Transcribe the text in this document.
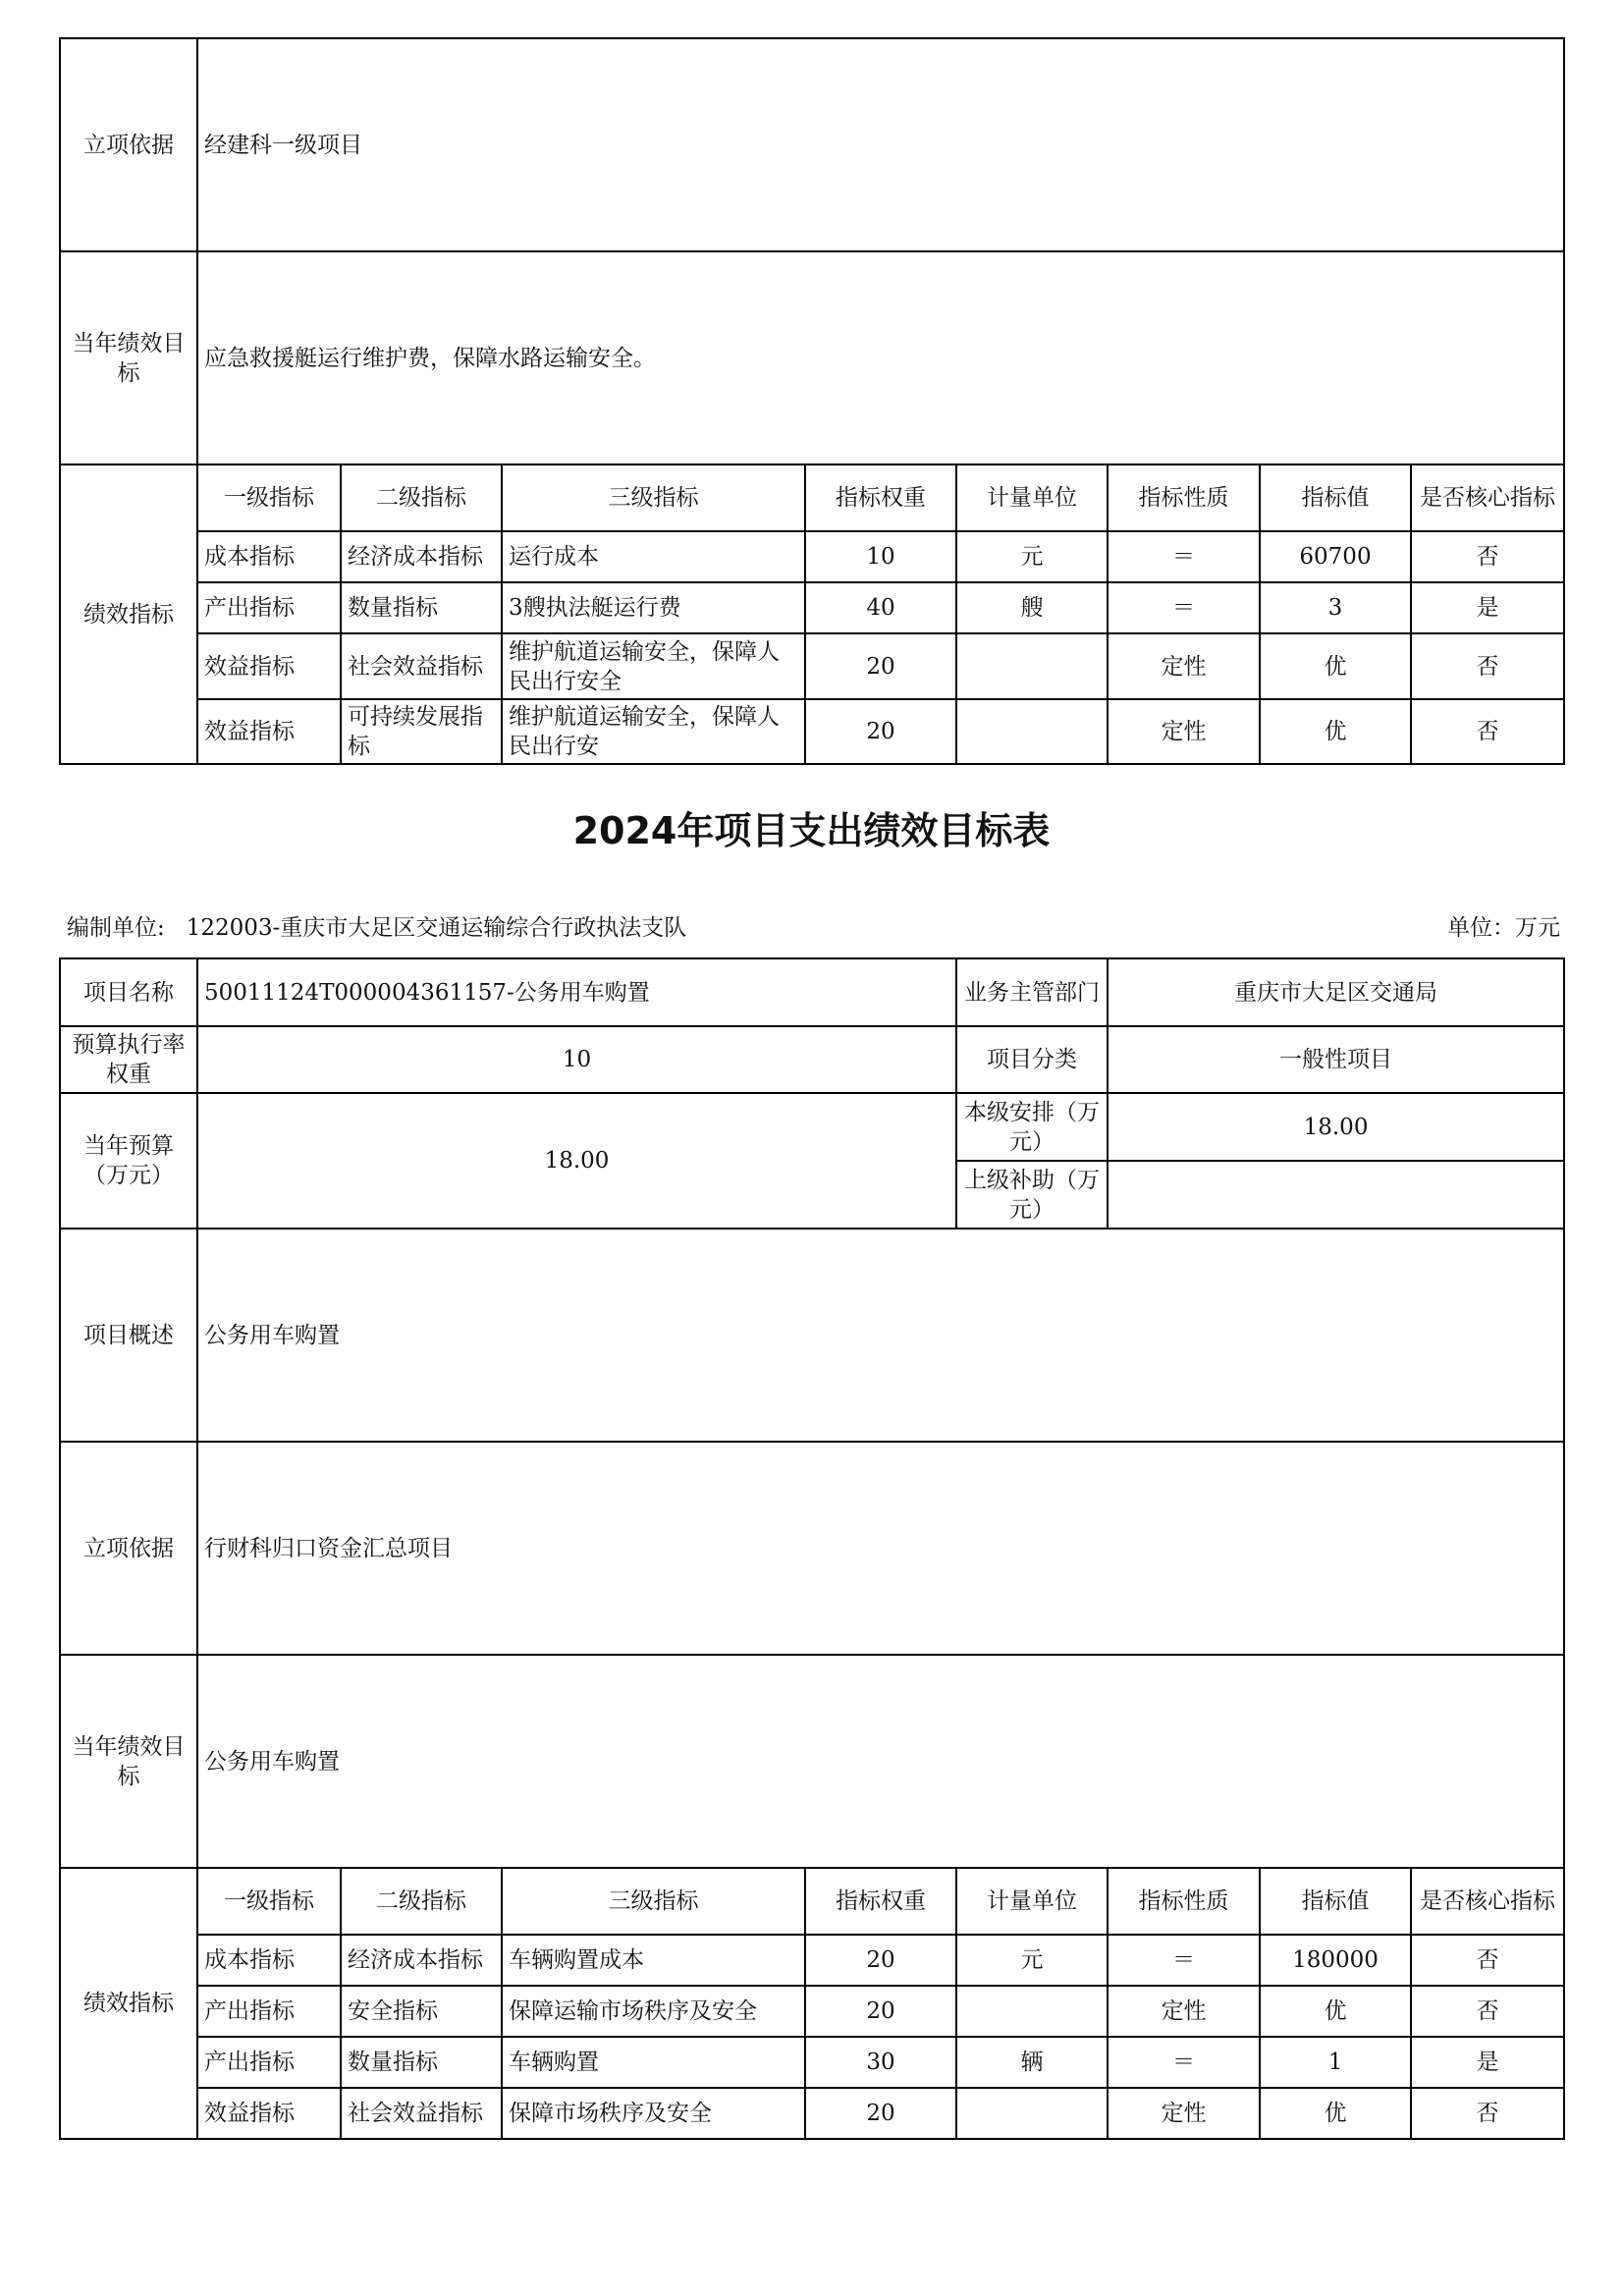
立项依据	经建科一级项目							
当年绩效目标	应急救援艇运行维护费，保障水路运输安全。							
绩效指标	一级指标	二级指标	三级指标	指标权重	计量单位	指标性质	指标值	是否核心指标
	成本指标	经济成本指标	运行成本	10	元	＝	60700	否
	产出指标	数量指标	3艘执法艇运行费	40	艘	＝	3	是
	效益指标	社会效益指标	维护航道运输安全，保障人民出行安全	20		定性	优	否
	效益指标	可持续发展指标	维护航道运输安全，保障人民出行安	20		定性	优	否
2024年项目支出绩效目标表
编制单位: 122003-重庆市大足区交通运输综合行政执法支队	单位：万元
项目名称	50011124T000004361157-公务用车购置				业务主管部门	重庆市大足区交通局		
预算执行率权重	10				项目分类	一般性项目		
当年预算（万元）	18.00				本级安排（万元）	18.00		
					上级补助（万元）			
项目概述	公务用车购置							
立项依据	行财科归口资金汇总项目							
当年绩效目标	公务用车购置							
绩效指标	一级指标	二级指标	三级指标	指标权重	计量单位	指标性质	指标值	是否核心指标
	成本指标	经济成本指标	车辆购置成本	20	元	＝	180000	否
	产出指标	安全指标	保障运输市场秩序及安全	20		定性	优	否
	产出指标	数量指标	车辆购置	30	辆	＝	1	是
	效益指标	社会效益指标	保障市场秩序及安全	20		定性	优	否
